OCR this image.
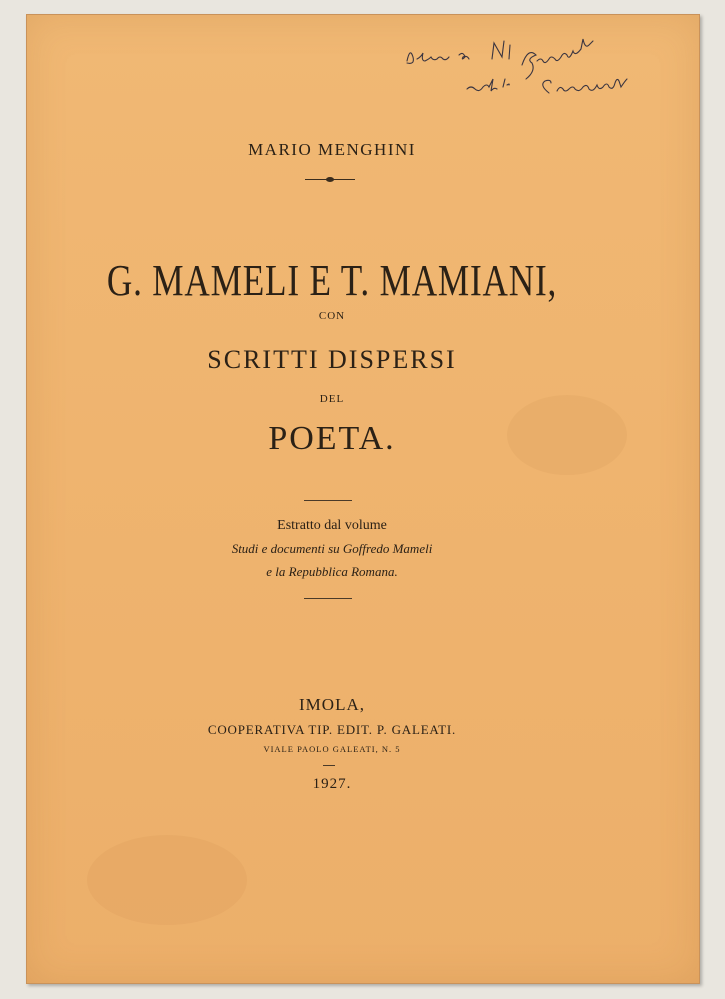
MARIO MENGHINI
G. MAMELI E T. MAMIANI,
CON
SCRITTI DISPERSI
DEL
POETA.
Estratto dal volume
Studi e documenti su Goffredo Mameli
e la Repubblica Romana.
IMOLA,
COOPERATIVA TIP. EDIT. P. GALEATI.
VIALE PAOLO GALEATI, N. 5
1927.
